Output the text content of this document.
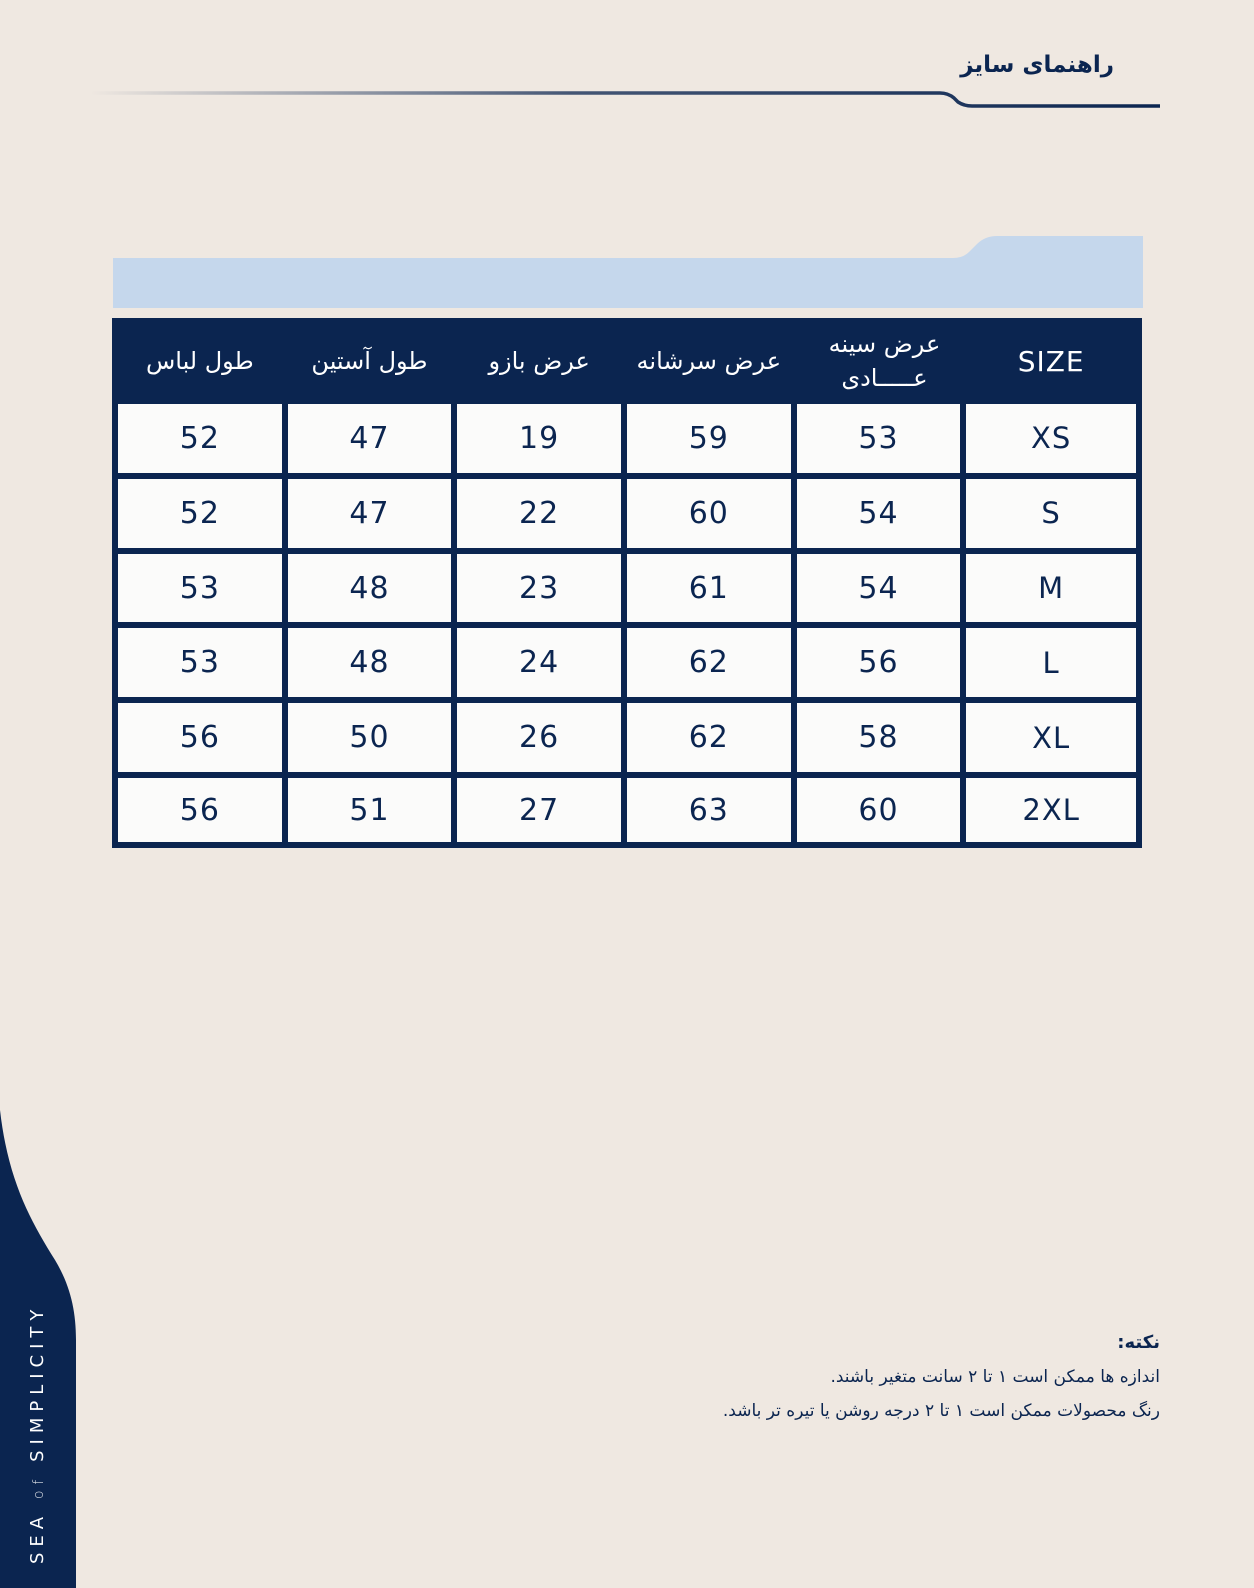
راهنمای سایز
طول لباس	طول آستین	عرض بازو	عرض سرشانه	عرض سینه عـــــادی	SIZE
52	47	19	59	53	XS
52	47	22	60	54	S
53	48	23	61	54	M
53	48	24	62	56	L
56	50	26	62	58	XL
56	51	27	63	60	2XL
نکته:
اندازه ها ممکن است ۱ تا ۲ سانت متغیر باشند.
رنگ محصولات ممکن است ۱ تا ۲ درجه روشن یا تیره تر باشد.
SEA of SIMPLICITY
